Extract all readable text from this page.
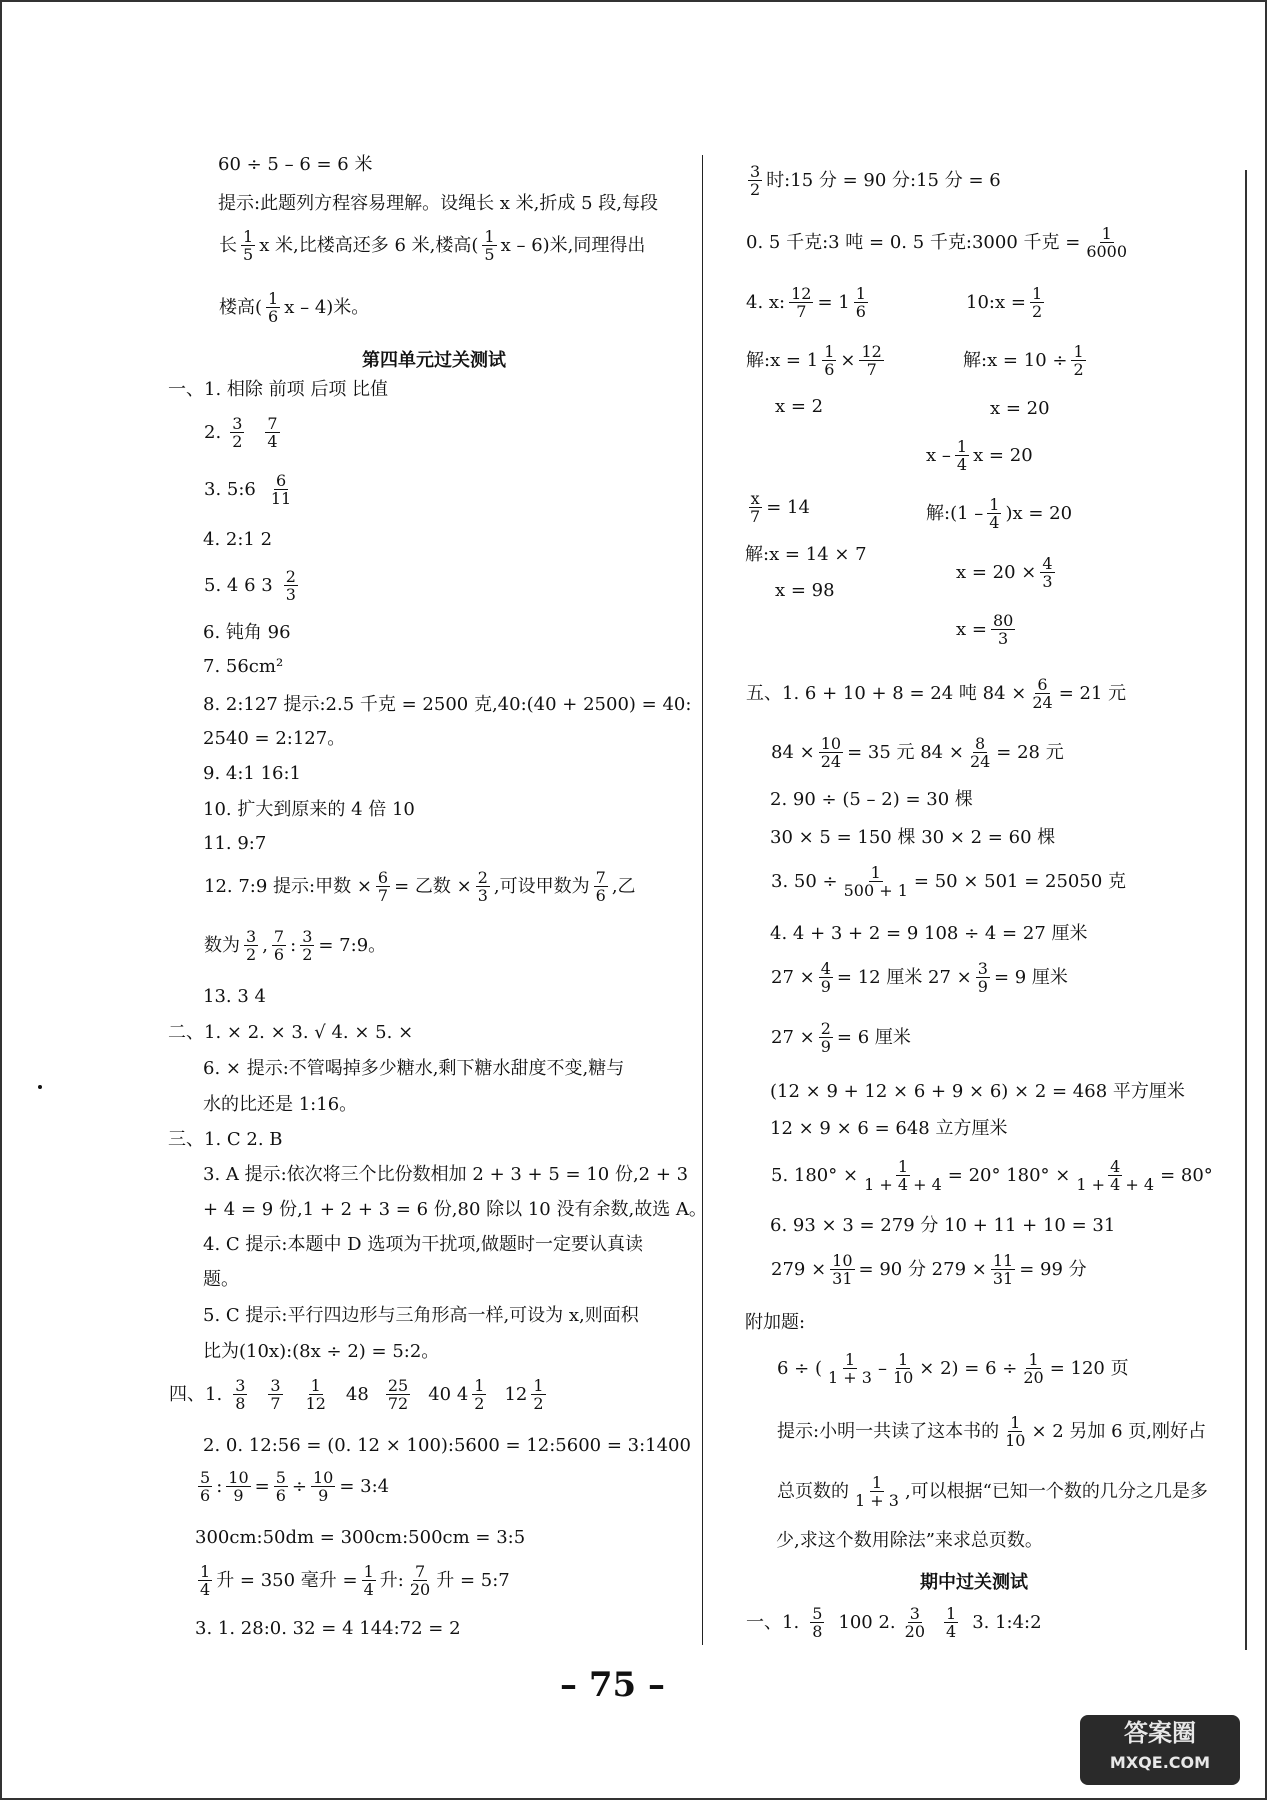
60 ÷ 5 – 6 = 6 米
提示:此题列方程容易理解。设绳长 x 米,折成 5 段,每段
长 $\frac{1}{5}$ x 米,比楼高还多 6 米,楼高( $\frac{1}{5}$ x – 6)米,同理得出
楼高( $\frac{1}{6}$ x – 4)米。
第四单元过关测试
一、1. 相除 前项 后项 比值
2. $\frac{3}{2} \frac{7}{4}$
3. 5:6 $\frac{6}{11}$
4. 2:1 2
5. 4 6 $3 \frac{2}{3}$
6. 钝角 96
7. 56cm²
8. 2:127 提示:2.5 千克 = 2500 克,40:(40 + 2500) = 40:
2540 = 2:127。
9. 4:1 16:1
10. 扩大到原来的 4 倍 10
11. 9:7
12. 7:9 提示:甲数 × $\frac{6}{7}$ = 乙数 × $\frac{2}{3}$ ,可设甲数为 $\frac{7}{6}$ ,乙
数为 $\frac{3}{2}$ , $\frac{7}{6}$ : $\frac{3}{2}$ = 7:9。
13. 3 4
二、1. × 2. × 3. √ 4. × 5. ×
6. × 提示:不管喝掉多少糖水,剩下糖水甜度不变,糖与
水的比还是 1:16。
三、1. C 2. B
3. A 提示:依次将三个比份数相加 2 + 3 + 5 = 10 份,2 + 3
+ 4 = 9 份,1 + 2 + 3 = 6 份,80 除以 10 没有余数,故选 A。
4. C 提示:本题中 D 选项为干扰项,做题时一定要认真读
题。
5. C 提示:平行四边形与三角形高一样,可设为 x,则面积
比为(10x):(8x ÷ 2) = 5:2。
四、1. $\frac{3}{8} \frac{3}{7} \frac{1}{12} 48 \frac{25}{72} 40$ $4 \frac{1}{2} 12 \frac{1}{2}$
2. 0. 12:56 = (0. 12 × 100):5600 = 12:5600 = 3:1400
$\frac{5}{6}$ : $\frac{10}{9} = \frac{5}{6} \div \frac{10}{9}$ = 3:4
300cm:50dm = 300cm:500cm = 3:5
$\frac{1}{4}$ 升 = 350 毫升 = $\frac{1}{4}$ 升: $\frac{7}{20}$ 升 = 5:7
3. 1. 28:0. 32 = 4 144:72 = 2
$\frac{3}{2}$ 时:15 分 = 90 分:15 分 = 6
0. 5 千克:3 吨 = 0. 5 千克:3000 千克 = $\frac{1}{6000}$
4. x: $\frac{12}{7} = 1 \frac{1}{6}$	10:x = $\frac{1}{2}$
解:x = $1 \frac{1}{6} \times \frac{12}{7}$	解:x = $10 \div \frac{1}{2}$
x = 2	x = 20
x – $\frac{1}{4}$ x = 20
$\frac{x}{7} = 14$	解:(1 – $\frac{1}{4} )x = 20$
解:x = 14 × 7
$x = 20 \times \frac{4}{3}$
x = 98
$x = \frac{80}{3}$
五、1. 6 + 10 + 8 = 24 吨 $84 \times \frac{6}{24} = 21$ 元
$84 \times \frac{10}{24} = 35$ 元 $84 \times \frac{8}{24} = 28$ 元
2. 90 ÷ (5 – 2) = 30 棵
30 × 5 = 150 棵 30 × 2 = 60 棵
3. $50 \div \frac{1}{500 + 1} = 50 \times 501 = 25050$ 克
4. 4 + 3 + 2 = 9 108 ÷ 4 = 27 厘米
$27 \times \frac{4}{9} = 12$ 厘米 $27 \times \frac{3}{9} = 9$ 厘米
$27 \times \frac{2}{9} = 6$ 厘米
(12 × 9 + 12 × 6 + 9 × 6) × 2 = 468 平方厘米
12 × 9 × 6 = 648 立方厘米
5. $180^\circ \times \frac{1}{1 + 4 + 4} = 20^\circ$ $180^\circ \times \frac{4}{1 + 4 + 4} = 80^\circ$
6. 93 × 3 = 279 分 10 + 11 + 10 = 31
$279 \times \frac{10}{31} = 90$ 分 $279 \times \frac{11}{31} = 99$ 分
附加题:
6 ÷ ( $\frac{1}{1 + 3} - \frac{1}{10} \times 2) = 6 \div \frac{1}{20} = 120$ 页
提示:小明一共读了这本书的 $\frac{1}{10} \times 2$ 另加 6 页,刚好占
总页数的 $\frac{1}{1 + 3}$ ,可以根据“已知一个数的几分之几是多
少,求这个数用除法”来求总页数。
期中过关测试
一、1. $\frac{5}{8} 100$ 2. $\frac{3}{20} \frac{1}{4} 3$. 1:4:2
– 75 –
答案圈
MXQE.COM
